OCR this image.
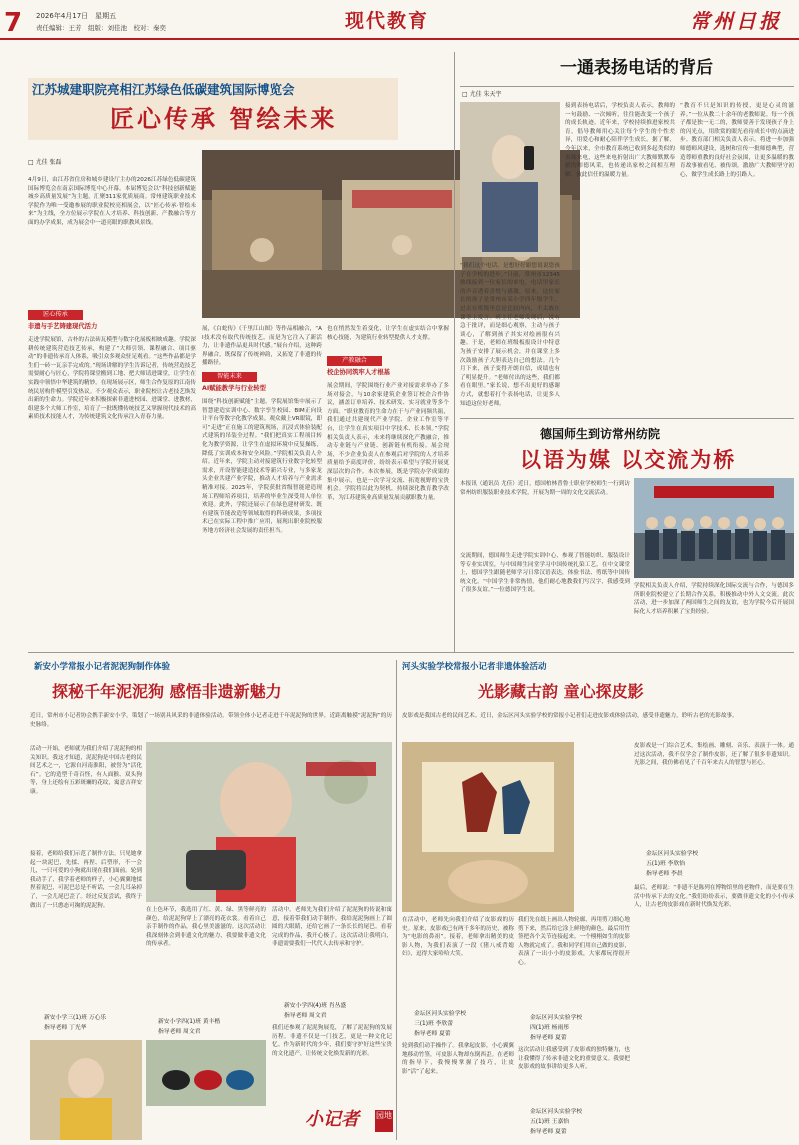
7	2026年4月17日　星期五
责任编辑：王芳　组版：刘佳池　校对：秦奕	现代教育	常州日报
江苏城建职院亮相江苏绿色低碳建筑国际博览会
匠心传承 智绘未来
□ 尤佳 张磊
4月9日，由江苏省住房和城乡建设厅主办的2026江苏绿色低碳建筑国际博览会在南京国际博览中心开幕。本届博览会以“科技创新赋能城乡高质量发展”为主题，汇聚311家优质展商。常州建筑职业技术学院作为唯一受邀参展的职业院校亮相展会，以“匠心传承·智绘未来”为主线，全方位展示学院在人才培养、科技创新、产教融合等方面的办学成果，成为展会中一道亮眼的职教风景线。
匠心传承
非遗与手艺铸建现代活力
走进学院展馆，古朴的古法砖瓦模型与数字化展板相映成趣。学院深耕传统建筑营造技艺传承，构建了“大师引领、课程融合、项目驱动”的非遗传承育人体系，吸引众多观众驻足观看。“这些作品都是学生们一砖一瓦亲手完成的。”现场讲解的学生告诉记者，传统营造技艺需要耐心与匠心，学院将课堂搬到工地、把大师请进课堂，让学生在实践中领悟中华建筑的精妙。在现场展示区，师生合作复原的江南传统民居构件模型引发热议。不少观众表示，职业院校让古老技艺焕发出新的生命力。学院近年来积极探索非遗进校园、进课堂、进教材，组建多个大师工作室，培育了一批既懂传统技艺又掌握现代技术的高素质技术技能人才，为传统建筑文化传承注入青春力量。
展，《白蛇传》《千里江山图》等作品相融合，“AI技术没有取代传统技艺，而是为它注入了新活力，让非遗作品更具时代感。”展台介绍，这种跨界融合，既保留了传统神韵，又拓宽了非遗的传播路径。
智能未来
AI赋能教学与行业转型
围绕“科技创新赋能”主题，学院展馆集中展示了智慧建造实训中心、数字孪生校园、BIM正向设计平台等数字化教学成果。观众戴上VR眼镜，即可“走进”正在施工的建筑现场，沉浸式体验装配式建筑的吊装全过程。“我们把真实工程项目转化为教学资源，让学生在虚拟环境中反复操练，降低了实训成本和安全风险。”学院相关负责人介绍。近年来，学院主动对接建筑行业数字化转型需求，开设智能建造技术等新兴专业，与多家龙头企业共建产业学院，推动人才培养与产业需求精准对接。2025年，学院获批省级智能建造现场工程师培养项目，培养的毕业生深受用人单位欢迎。此外，学院还展示了在绿色建材研发、既有建筑节能改造等领域取得的科研成果，多项技术已在实际工程中推广应用，展现出职业院校服务地方经济社会发展的责任担当。
也在悄然发生着变化，让学生在虚实结合中掌握核心技能，为建筑行业转型提供人才支撑。
产教融合
校企协同筑牢人才根基
展会期间，学院围绕行业产业对接需求举办了多场对接会，与10余家建筑企业签订校企合作协议，涵盖订单培养、技术研发、实习就业等多个方面。“职业教育的生命力在于与产业同频共振，我们通过共建现代产业学院、企业工作室等平台，让学生在真实项目中学技术、长本领。”学院相关负责人表示，未来将继续深化产教融合，推动专业链与产业链、创新链有机衔接。展会现场，不少企业负责人在参观后对学院的人才培养质量给予高度评价，纷纷表示希望与学院开展更深层次的合作。本次参展，既是学院办学成果的集中展示，也是一次学习交流、拓宽视野的宝贵机会。学院将以此为契机，持续深化教育教学改革，为江苏建筑业高质量发展贡献职教力量。
一通表扬电话的背后
□ 尤佳 朱天宇
“我们这个电话，是想好好跟您说说您孩子在学校的进步。”日前，常州市12345热线接到一位家长的来电，电话里家长的声音透着喜悦与感激。原来，这位家长的孩子是常州市某小学四年级学生，过去在班级里总是比较内向，不太敢在课堂上发言。班主任老师发现后，没有急于批评，而是细心观察，主动与孩子谈心，了解到孩子其实对绘画很有兴趣。于是，老师在班级板报设计中特意为孩子安排了展示机会，并在课堂上多次鼓励孩子大胆表达自己的想法。几个月下来，孩子变得开朗自信，成绩也有了明显提升。“老师付出的这些，我们都看在眼里。”家长说，想不出更好的感谢方式，就想着打个表扬电话，让更多人知道这位好老师。
接到表扬电话后，学校负责人表示，教师的一句鼓励、一次倾听，往往能改变一个孩子的成长轨迹。近年来，学校持续推进家校共育，倡导教师用心关注每个学生的个性差异，用爱心和耐心陪伴学生成长。据了解，今年以来，全市教育系统已收到多起类似的表扬来电，这些来电折射出广大教师默默奉献的师德风采，也传递出家校之间相互理解、彼此信任的温暖力量。
“教育不只是知识的传授，更是心灵的滋养。”一位从教二十余年的老教师说。每一个孩子都是独一无二的，教师要善于发现孩子身上的闪光点，用欣赏的眼光看待成长中的点滴进步。教育部门相关负责人表示，将进一步加强师德师风建设，选树和宣传一批师德典型，营造尊师重教的良好社会氛围，让更多温暖的教育故事被看见、被传颂，激励广大教师坚守初心，做学生成长路上的引路人。
德国师生到访常州纺院
以语为媒 以交流为桥
本报讯（通讯员 尤佳）近日，德国柏林普鲁士职业学校师生一行到访常州纺织服装职业技术学院，开展为期一周的文化交流活动。
交流期间，德国师生走进学院实训中心，参观了智能纺织、服装设计等专业实训室，与中国师生同堂学习中国传统扎染工艺。在中文课堂上，德国学生跟随老师学习日常汉语表达，体验书法、剪纸等中国传统文化。“中国学生非常热情，他们耐心地教我们写汉字，我感受到了很多友谊。”一位德国学生说。
学院相关负责人介绍，学院持续深化国际交流与合作，与德国多所职业院校建立了长期合作关系，积极推动中外人文交流。此次活动，进一步加深了两国师生之间的友谊，也为学院今后开展国际化人才培养积累了宝贵经验。
新安小学常报小记者泥泥狗制作体验
探秘千年泥泥狗 感悟非遗新魅力
近日，常州市小记者协会携手新安小学，策划了一场别具风采的非遗体验活动。带领全体小记者走进千年泥泥狗的世界，近距离触摸“泥泥狗”的历史脉络。
活动一开始，老师就为我们介绍了泥泥狗的相关知识。我这才知道，泥泥狗是中国古老的民间艺术之一，它源自河南淮阳，被誉为“活化石”。它的造型千奇百怪，有人面猴、双头狗等，身上还绘有五彩斑斓的花纹，寓意吉祥安康。
接着，老师给我们示范了制作方法。只见她拿起一块泥巴，先揉、再捏、后塑形，不一会儿，一只可爱的小狗就出现在我们面前。轮到我动手了，我学着老师的样子，小心翼翼地揉捏着泥巴，可泥巴总是不听话，一会儿耳朵掉了，一会儿尾巴歪了。经过反复尝试，我终于做出了一只憨态可掬的泥泥狗。
新安小学三(1)班 万心乐
指导老师 丁光华
在上色环节，我选用了红、黄、绿、黑等鲜亮的颜色，给泥泥狗穿上了漂亮的花衣裳。看着自己亲手制作的作品，我心里美滋滋的。这次活动让我深刻体会到非遗文化的魅力，我要做非遗文化的传承者。
新安小学四(1)班 黄丰楷
指导老师 周文君
活动中，老师先为我们介绍了泥泥狗的传说和寓意，接着带我们动手制作。我给泥泥狗画上了圆圆的大眼睛，还给它画了一条长长的尾巴。看着完成的作品，我开心极了。这次活动让我明白，非遗需要我们一代代人去传承和守护。
新安小学四(4)班 肖丛盛
指导老师 周文君
我们还参观了泥泥狗展览，了解了泥泥狗的发展历程。非遗不仅是一门技艺，更是一种文化记忆。作为新时代的少年，我们要守护好这些宝贵的文化遗产，让传统文化焕发新的光彩。
小记者	园地
河头实验学校常报小记者非遗体验活动
光影藏古韵 童心探皮影
皮影戏是我国古老的民间艺术。近日，金坛区河头实验学校的常报小记者们走进皮影戏体验活动，感受非遗魅力，聆听古老的光影故事。
在活动中，老师先向我们介绍了皮影戏的历史。原来，皮影戏已有两千多年的历史，被称为“电影的鼻祖”。接着，老师拿出精美的皮影人物，为我们表演了一段《猪八戒背媳妇》，逗得大家哈哈大笑。
金坛区河头实验学校
三(1)班 李欣蕾
指导老师 夏蕾
轮到我们动手操作了。我拿起皮影，小心翼翼地移动竹签，可皮影人物却东倒西歪。在老师的指导下，我慢慢掌握了技巧，让皮影“活”了起来。
我们先在纸上画出人物轮廓，再用剪刀细心地剪下来，然后给它涂上鲜艳的颜色，最后用竹签把各个关节连接起来。一个栩栩如生的皮影人物就完成了。我和同学们用自己做的皮影，表演了一出小小的皮影戏，大家都玩得很开心。
金坛区河头实验学校
四(1)班 杨雨彤
指导老师 夏蕾
这次活动让我感受到了皮影戏的独特魅力，也让我懂得了传承非遗文化的重要意义。我要把皮影戏的故事讲给更多人听。
金坛区河头实验学校
五(1)班 王嘉怡
指导老师 夏蕾
皮影戏是一门综合艺术，集绘画、雕刻、音乐、表演于一体。通过这次活动，我不仅学会了制作皮影，还了解了很多非遗知识。光影之间，我仿佛看见了千百年来古人的智慧与匠心。
金坛区河头实验学校
五(1)班 李欣怡
指导老师 李晨
最后，老师说：“非遗不是陈列在博物馆里的老物件，而是要在生活中传承下去的文化。”我们纷纷表示，要做非遗文化的小小传承人，让古老的皮影戏在新时代焕发光彩。
